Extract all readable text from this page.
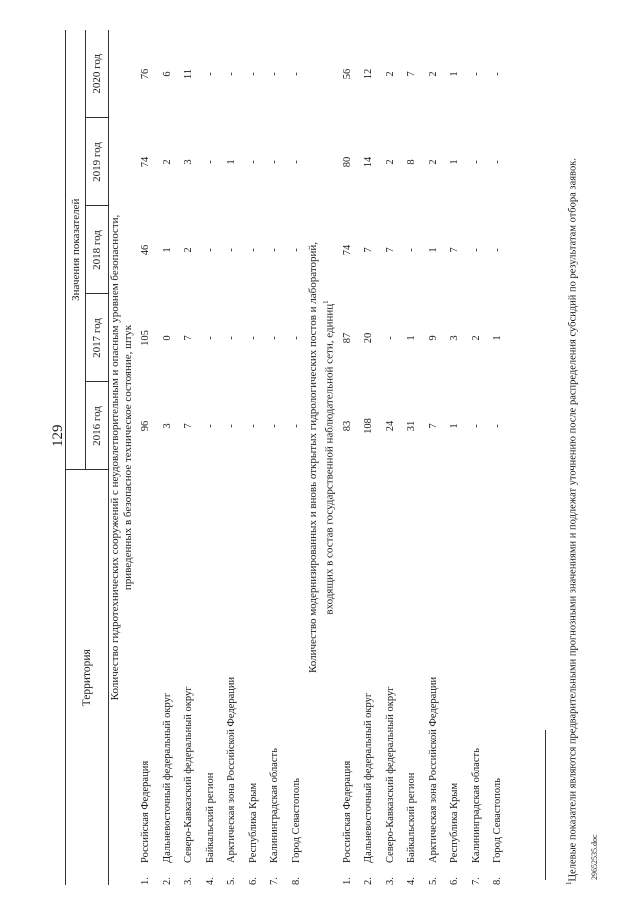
129
29652535.doc
Территория		Значения показателей				
		2016 год	2017 год	2018 год	2019 год	2020 год

Количество гидротехнических сооружений с неудовлетворительным и опасным уровнем безопасности, приведенных в безопасное техническое состояние, штук						

1.	Российская Федерация	96	105	46	74	76
2.	Дальневосточный федеральный округ	3	0	1	2	6
3.	Северо-Кавказский федеральный округ	7	7	2	3	11
4.	Байкальский регион	-	-	-	-	-
5.	Арктическая зона Российской Федерации	-	-	-	1	-
6.	Республика Крым	-	-	-	-	-
7.	Калининградская область	-	-	-	-	-
8.	Город Севастополь	-	-	-	-	-

Количество модернизированных и вновь открытых гидрологических постов и лабораторий, входящих в состав государственной наблюдательной сети, единиц$^1$

1.	Российская Федерация	83	87	74	80	56
2.	Дальневосточный федеральный округ	108	20	7	14	12
3.	Северо-Кавказский федеральный округ	24	-	7	2	2
4.	Байкальский регион	31	1	-	8	7
5.	Арктическая зона Российской Федерации	7	9	1	2	2
6.	Республика Крым	1	3	7	1	1
7.	Калининградская область	-	2	-	-	-
8.	Город Севастополь	-	1	-	-	-
$^1$Целевые показатели являются предварительными прогнозными значениями и подлежат уточнению после распределения субсидий по результатам отбора заявок.
